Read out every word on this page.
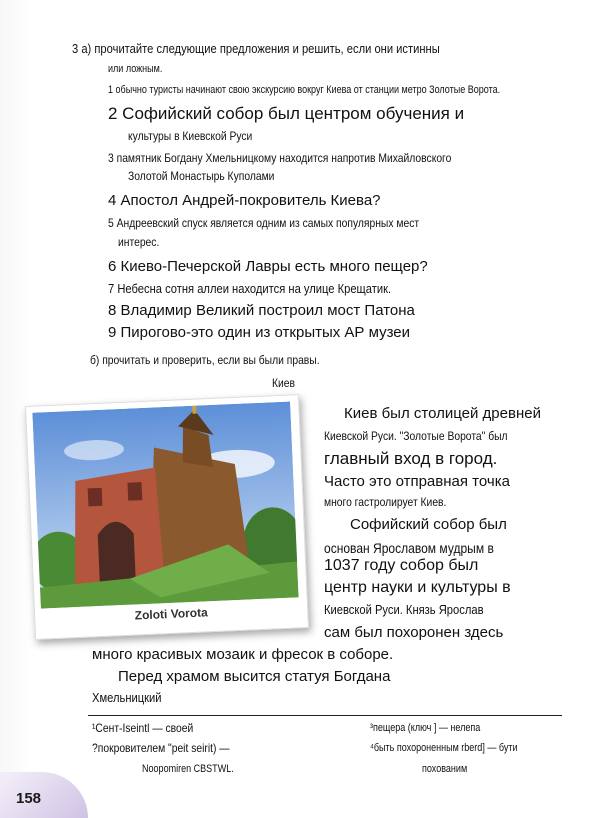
3 а) прочитайте следующие предложения и решить, если они истинны
или ложным.
1 обычно туристы начинают свою экскурсию вокруг Киева от станции метро Золотые Ворота.
2 Софийский собор был центром обучения и
культуры в Киевской Руси
3 памятник Богдану Хмельницкому находится напротив Михайловского
Золотой Монастырь Куполами
4 Апостол Андрей-покровитель Киева?
5 Андреевский спуск является одним из самых популярных мест
интерес.
6 Киево-Печерской Лавры есть много пещер?
7 Небесна сотня аллеи находится на улице Крещатик.
8 Владимир Великий построил мост Патона
9 Пирогово-это один из открытых АР музеи
б) прочитать и проверить, если вы были правы.
Киев
Zoloti Vorota
Киев был столицей древней
Киевской Руси. "Золотые Ворота" был
главный вход в город.
Часто это отправная точка
много гастролирует Киев.
Софийский собор был
основан Ярославом мудрым в
1037 году собор был
центр науки и культуры в
Киевской Руси. Князь Ярослав
сам был похоронен здесь
много красивых мозаик и фресок в соборе.
Перед храмом высится статуя Богдана
Хмельницкий
¹Сент-Iseintl — своей
?покровителем "peit seirit) —
Noopomiren CBSTWL.
³пещера (ключ ] — нелепа
⁴быть похороненным rberd] — бути
похованим
158
